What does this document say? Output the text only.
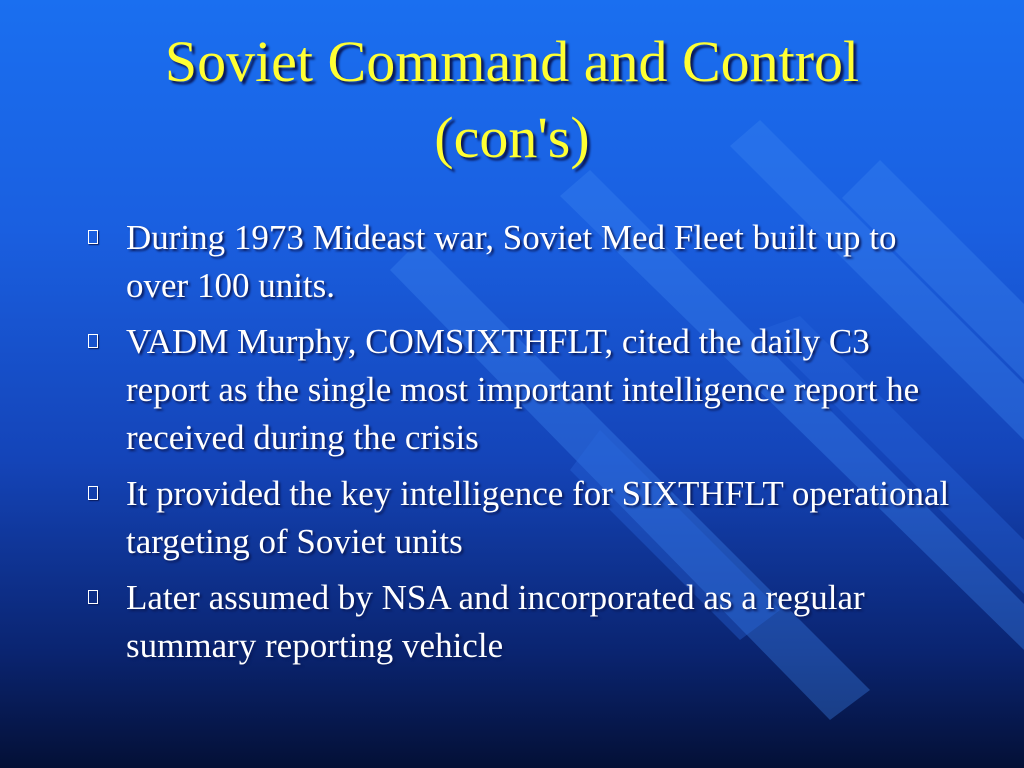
Soviet Command and Control
(con's)
During 1973 Mideast war, Soviet Med Fleet built up to over 100 units.
VADM Murphy, COMSIXTHFLT, cited the daily C3 report as the single most important intelligence report he received during the crisis
It provided the key intelligence for SIXTHFLT operational targeting of Soviet units
Later assumed by NSA and incorporated as a regular summary reporting vehicle
